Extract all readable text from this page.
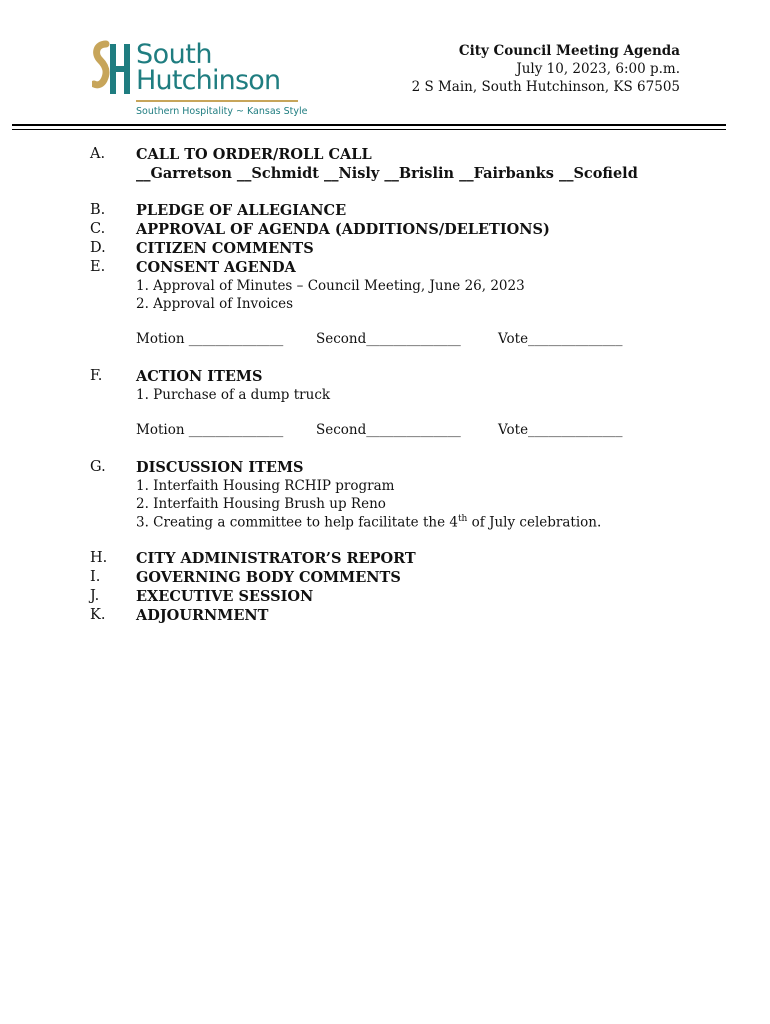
South
Hutchinson
Southern Hospitality ~ Kansas Style
City Council Meeting Agenda
July 10, 2023, 6:00 p.m.
2 S Main, South Hutchinson, KS 67505
A. CALL TO ORDER/ROLL CALL
__Garretson __Schmidt __Nisly __Brislin __Fairbanks __Scofield
B. PLEDGE OF ALLEGIANCE
C. APPROVAL OF AGENDA (ADDITIONS/DELETIONS)
D. CITIZEN COMMENTS
E. CONSENT AGENDA
1. Approval of Minutes – Council Meeting, June 26, 2023
2. Approval of Invoices
Motion ______________ Second______________	Vote______________
F. ACTION ITEMS
1. Purchase of a dump truck
Motion ______________ Second______________	Vote______________
G. DISCUSSION ITEMS
1. Interfaith Housing RCHIP program
2. Interfaith Housing Brush up Reno
3. Creating a committee to help facilitate the 4th of July celebration.
H. CITY ADMINISTRATOR’S REPORT
I. GOVERNING BODY COMMENTS
J.	EXECUTIVE SESSION
K. ADJOURNMENT
